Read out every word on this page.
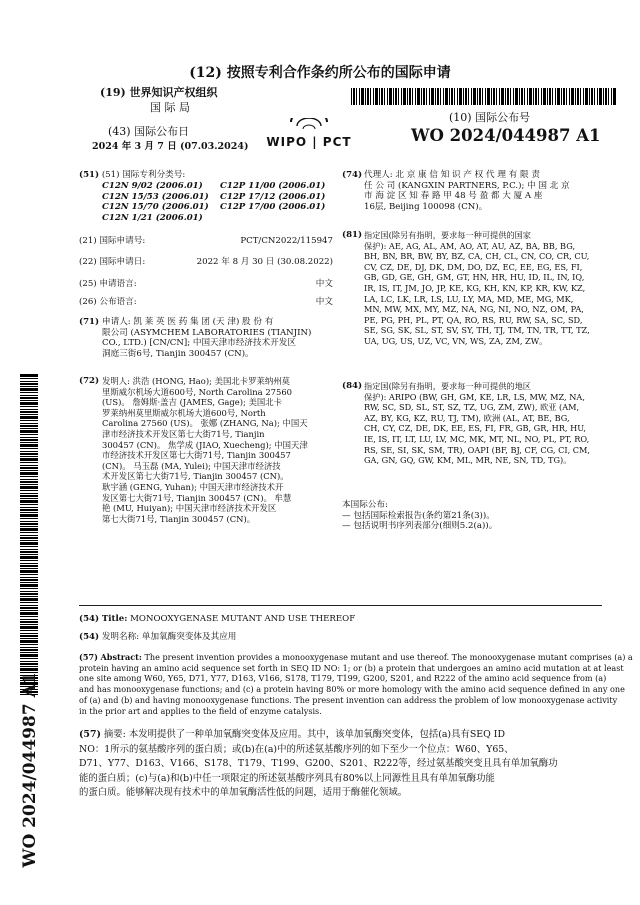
(12) 按照专利合作条约所公布的国际申请
(19) 世界知识产权组织
国 际 局
(43) 国际公布日
2024 年 3 月 7 日 (07.03.2024) WIPO | PCT
(10) 国际公布号
WO 2024/044987 A1
WO 2024/044987 A1
(51) (51) 国际专利分类号:
C12N 9/02 (2006.01)
C12N 15/53 (2006.01)
C12N 15/70 (2006.01)
C12N 1/21 (2006.01)
C12P 11/00 (2006.01)
C12P 17/12 (2006.01)
C12P 17/00 (2006.01)
(21) 国际申请号:	PCT/CN2022/115947
(22) 国际申请日:	2022 年 8 月 30 日 (30.08.2022)
(25) 申请语言:	中文
(26) 公布语言:	中文
(71) 申请人: 凯 莱 英 医 药 集 团 (天 津) 股 份 有
限公司 (ASYMCHEM LABORATORIES (TIANJIN)
CO., LTD.) [CN/CN]; 中国天津市经济技术开发区
洞庭三街6号, Tianjin 300457 (CN)。
(72) 发明人: 洪浩 (HONG, Hao); 美国北卡罗莱纳州莫
里斯威尔机场大道600号, North Carolina 27560
(US)。 詹姆斯·盖吉 (JAMES, Gage); 美国北卡
罗莱纳州莫里斯威尔机场大道600号, North
Carolina 27560 (US)。 张娜 (ZHANG, Na); 中国天
津市经济技术开发区第七大街71号, Tianjin
300457 (CN)。 焦学成 (JIAO, Xuecheng); 中国天津
市经济技术开发区第七大街71号, Tianjin 300457
(CN)。 马玉磊 (MA, Yulei); 中国天津市经济技
术开发区第七大街71号, Tianjin 300457 (CN)。
耿宇涵 (GENG, Yuhan); 中国天津市经济技术开
发区第七大街71号, Tianjin 300457 (CN)。 牟慧
艳 (MU, Huiyan); 中国天津市经济技术开发区
第七大街71号, Tianjin 300457 (CN)。
(74) 代理人: 北 京 康 信 知 识 产 权 代 理 有 限 责
任 公 司 (KANGXIN PARTNERS, P.C.); 中 国 北 京
市 海 淀 区 知 春 路 甲 48 号 盈 都 大 厦 A 座
16层, Beijing 100098 (CN)。
(81) 指定国(除另有指明，要求每一种可提供的国家
保护): AE, AG, AL, AM, AO, AT, AU, AZ, BA, BB, BG,
BH, BN, BR, BW, BY, BZ, CA, CH, CL, CN, CO, CR, CU,
CV, CZ, DE, DJ, DK, DM, DO, DZ, EC, EE, EG, ES, FI,
GB, GD, GE, GH, GM, GT, HN, HR, HU, ID, IL, IN, IQ,
IR, IS, IT, JM, JO, JP, KE, KG, KH, KN, KP, KR, KW, KZ,
LA, LC, LK, LR, LS, LU, LY, MA, MD, ME, MG, MK,
MN, MW, MX, MY, MZ, NA, NG, NI, NO, NZ, OM, PA,
PE, PG, PH, PL, PT, QA, RO, RS, RU, RW, SA, SC, SD,
SE, SG, SK, SL, ST, SV, SY, TH, TJ, TM, TN, TR, TT, TZ,
UA, UG, US, UZ, VC, VN, WS, ZA, ZM, ZW。
(84) 指定国(除另有指明，要求每一种可提供的地区
保护): ARIPO (BW, GH, GM, KE, LR, LS, MW, MZ, NA,
RW, SC, SD, SL, ST, SZ, TZ, UG, ZM, ZW), 欧亚 (AM,
AZ, BY, KG, KZ, RU, TJ, TM), 欧洲 (AL, AT, BE, BG,
CH, CY, CZ, DE, DK, EE, ES, FI, FR, GB, GR, HR, HU,
IE, IS, IT, LT, LU, LV, MC, MK, MT, NL, NO, PL, PT, RO,
RS, SE, SI, SK, SM, TR), OAPI (BF, BJ, CF, CG, CI, CM,
GA, GN, GQ, GW, KM, ML, MR, NE, SN, TD, TG)。
本国际公布:
— 包括国际检索报告(条约第21条(3))。
— 包括说明书序列表部分(细则5.2(a))。
(54) Title: MONOOXYGENASE MUTANT AND USE THEREOF
(54) 发明名称: 单加氧酶突变体及其应用
(57) Abstract: The present invention provides a monooxygenase mutant and use thereof. The monooxygenase mutant comprises (a) a
protein having an amino acid sequence set forth in SEQ ID NO: 1; or (b) a protein that undergoes an amino acid mutation at at least
one site among W60, Y65, D71, Y77, D163, V166, S178, T179, T199, G200, S201, and R222 of the amino acid sequence from (a)
and has monooxygenase functions; and (c) a protein having 80% or more homology with the amino acid sequence defined in any one
of (a) and (b) and having monooxygenase functions. The present invention can address the problem of low monooxygenase activity
in the prior art and applies to the field of enzyme catalysis.
(57) 摘要: 本发明提供了一种单加氧酶突变体及应用。其中，该单加氧酶突变体，包括(a)具有SEQ ID
NO：1所示的氨基酸序列的蛋白质；或(b)在(a)中的所述氨基酸序列的如下至少一个位点：W60、Y65、
D71、Y77、D163、V166、S178、T179、T199、G200、S201、R222等，经过氨基酸突变且具有单加氧酶功
能的蛋白质；(c)与(a)和(b)中任一项限定的所述氨基酸序列具有80%以上同源性且具有单加氧酶功能
的蛋白质。能够解决现有技术中的单加氧酶活性低的问题，适用于酶催化领域。
